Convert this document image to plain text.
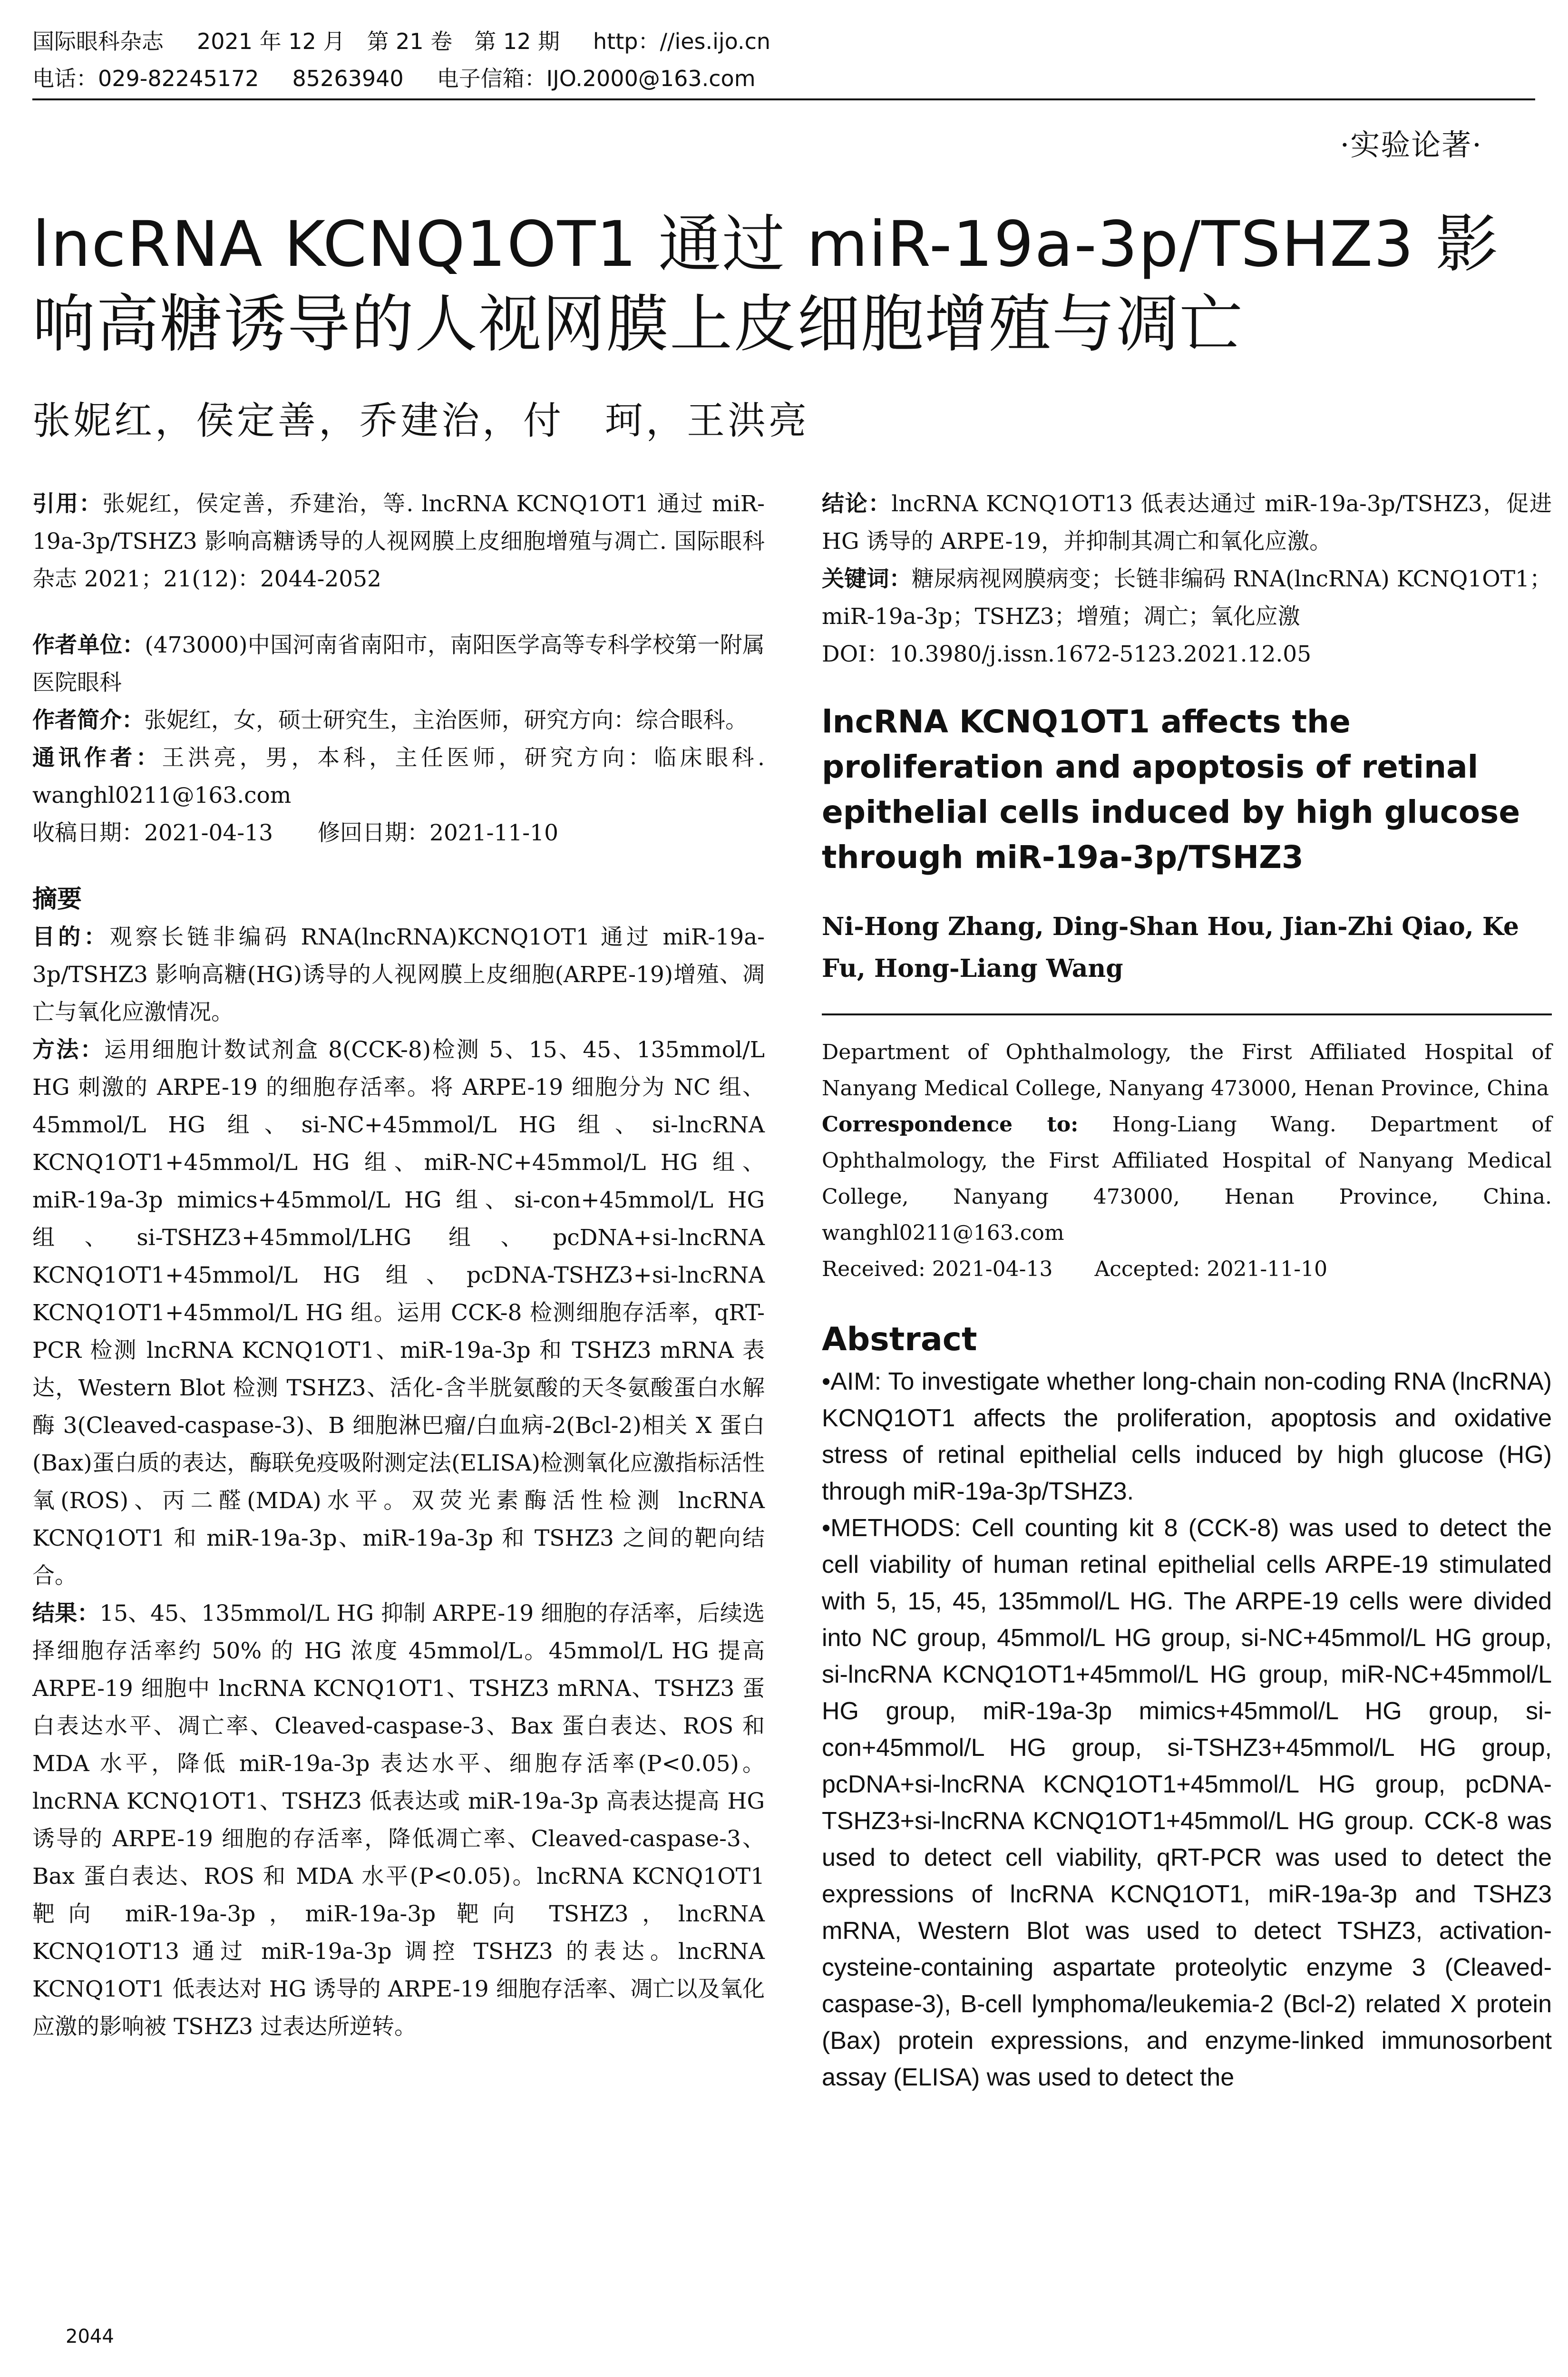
国际眼科杂志 2021 年 12 月　第 21 卷　第 12 期 http：//ies.ijo.cn
电话：029-82245172 85263940 电子信箱：IJO.2000@163.com
·实验论著·
lncRNA KCNQ1OT1 通过 miR-19a-3p/TSHZ3 影响高糖诱导的人视网膜上皮细胞增殖与凋亡
张妮红，侯定善，乔建治，付　珂，王洪亮

引用：张妮红，侯定善，乔建治，等. lncRNA KCNQ1OT1 通过 miR-19a-3p/TSHZ3 影响高糖诱导的人视网膜上皮细胞增殖与凋亡. 国际眼科杂志 2021；21(12)：2044-2052

作者单位：(473000)中国河南省南阳市，南阳医学高等专科学校第一附属医院眼科

作者简介：张妮红，女，硕士研究生，主治医师，研究方向：综合眼科。

通讯作者：王洪亮，男，本科，主任医师，研究方向：临床眼科. wanghl0211@163.com

收稿日期：2021-04-13　　修回日期：2021-11-10

摘要

目的：观察长链非编码 RNA(lncRNA)KCNQ1OT1 通过 miR-19a-3p/TSHZ3 影响高糖(HG)诱导的人视网膜上皮细胞(ARPE-19)增殖、凋亡与氧化应激情况。

方法：运用细胞计数试剂盒 8(CCK-8)检测 5、15、45、135mmol/L HG 刺激的 ARPE-19 的细胞存活率。将 ARPE-19 细胞分为 NC 组、45mmol/L HG 组、si-NC+45mmol/L HG 组、si-lncRNA KCNQ1OT1+45mmol/L HG 组、miR-NC+45mmol/L HG 组、miR-19a-3p mimics+45mmol/L HG 组、si-con+45mmol/L HG 组、si-TSHZ3+45mmol/LHG 组、pcDNA+si-lncRNA KCNQ1OT1+45mmol/L HG 组、pcDNA-TSHZ3+si-lncRNA KCNQ1OT1+45mmol/L HG 组。运用 CCK-8 检测细胞存活率，qRT-PCR 检测 lncRNA KCNQ1OT1、miR-19a-3p 和 TSHZ3 mRNA 表达，Western Blot 检测 TSHZ3、活化-含半胱氨酸的天冬氨酸蛋白水解酶 3(Cleaved-caspase-3)、B 细胞淋巴瘤/白血病-2(Bcl-2)相关 X 蛋白(Bax)蛋白质的表达，酶联免疫吸附测定法(ELISA)检测氧化应激指标活性氧(ROS)、丙二醛(MDA)水平。双荧光素酶活性检测 lncRNA KCNQ1OT1 和 miR-19a-3p、miR-19a-3p 和 TSHZ3 之间的靶向结合。

结果：15、45、135mmol/L HG 抑制 ARPE-19 细胞的存活率，后续选择细胞存活率约 50% 的 HG 浓度 45mmol/L。45mmol/L HG 提高 ARPE-19 细胞中 lncRNA KCNQ1OT1、TSHZ3 mRNA、TSHZ3 蛋白表达水平、凋亡率、Cleaved-caspase-3、Bax 蛋白表达、ROS 和 MDA 水平，降低 miR-19a-3p 表达水平、细胞存活率(P<0.05)。lncRNA KCNQ1OT1、TSHZ3 低表达或 miR-19a-3p 高表达提高 HG 诱导的 ARPE-19 细胞的存活率，降低凋亡率、Cleaved-caspase-3、Bax 蛋白表达、ROS 和 MDA 水平(P<0.05)。lncRNA KCNQ1OT1 靶向 miR-19a-3p，miR-19a-3p 靶向 TSHZ3，lncRNA KCNQ1OT13 通过 miR-19a-3p 调控 TSHZ3 的表达。lncRNA KCNQ1OT1 低表达对 HG 诱导的 ARPE-19 细胞存活率、凋亡以及氧化应激的影响被 TSHZ3 过表达所逆转。

结论：lncRNA KCNQ1OT13 低表达通过 miR-19a-3p/TSHZ3，促进 HG 诱导的 ARPE-19，并抑制其凋亡和氧化应激。

关键词：糖尿病视网膜病变；长链非编码 RNA(lncRNA) KCNQ1OT1；miR-19a-3p；TSHZ3；增殖；凋亡；氧化应激

DOI：10.3980/j.issn.1672-5123.2021.12.05

lncRNA KCNQ1OT1 affects the proliferation and apoptosis of retinal epithelial cells induced by high glucose through miR-19a-3p/TSHZ3

Ni-Hong Zhang, Ding-Shan Hou, Jian-Zhi Qiao, Ke Fu, Hong-Liang Wang

Department of Ophthalmology, the First Affiliated Hospital of Nanyang Medical College, Nanyang 473000, Henan Province, China

Correspondence to: Hong-Liang Wang. Department of Ophthalmology, the First Affiliated Hospital of Nanyang Medical College, Nanyang 473000, Henan Province, China. wanghl0211@163.com

Received: 2021-04-13　　Accepted: 2021-11-10

Abstract

•AIM: To investigate whether long-chain non-coding RNA (lncRNA) KCNQ1OT1 affects the proliferation, apoptosis and oxidative stress of retinal epithelial cells induced by high glucose (HG) through miR-19a-3p/TSHZ3.

•METHODS: Cell counting kit 8 (CCK-8) was used to detect the cell viability of human retinal epithelial cells ARPE-19 stimulated with 5, 15, 45, 135mmol/L HG. The ARPE-19 cells were divided into NC group, 45mmol/L HG group, si-NC+45mmol/L HG group, si-lncRNA KCNQ1OT1+45mmol/L HG group, miR-NC+45mmol/L HG group, miR-19a-3p mimics+45mmol/L HG group, si-con+45mmol/L HG group, si-TSHZ3+45mmol/L HG group, pcDNA+si-lncRNA KCNQ1OT1+45mmol/L HG group, pcDNA-TSHZ3+si-lncRNA KCNQ1OT1+45mmol/L HG group. CCK-8 was used to detect cell viability, qRT-PCR was used to detect the expressions of lncRNA KCNQ1OT1, miR-19a-3p and TSHZ3 mRNA, Western Blot was used to detect TSHZ3, activation-cysteine-containing aspartate proteolytic enzyme 3 (Cleaved-caspase-3), B-cell lymphoma/leukemia-2 (Bcl-2) related X protein (Bax) protein expressions, and enzyme-linked immunosorbent assay (ELISA) was used to detect the

2044
